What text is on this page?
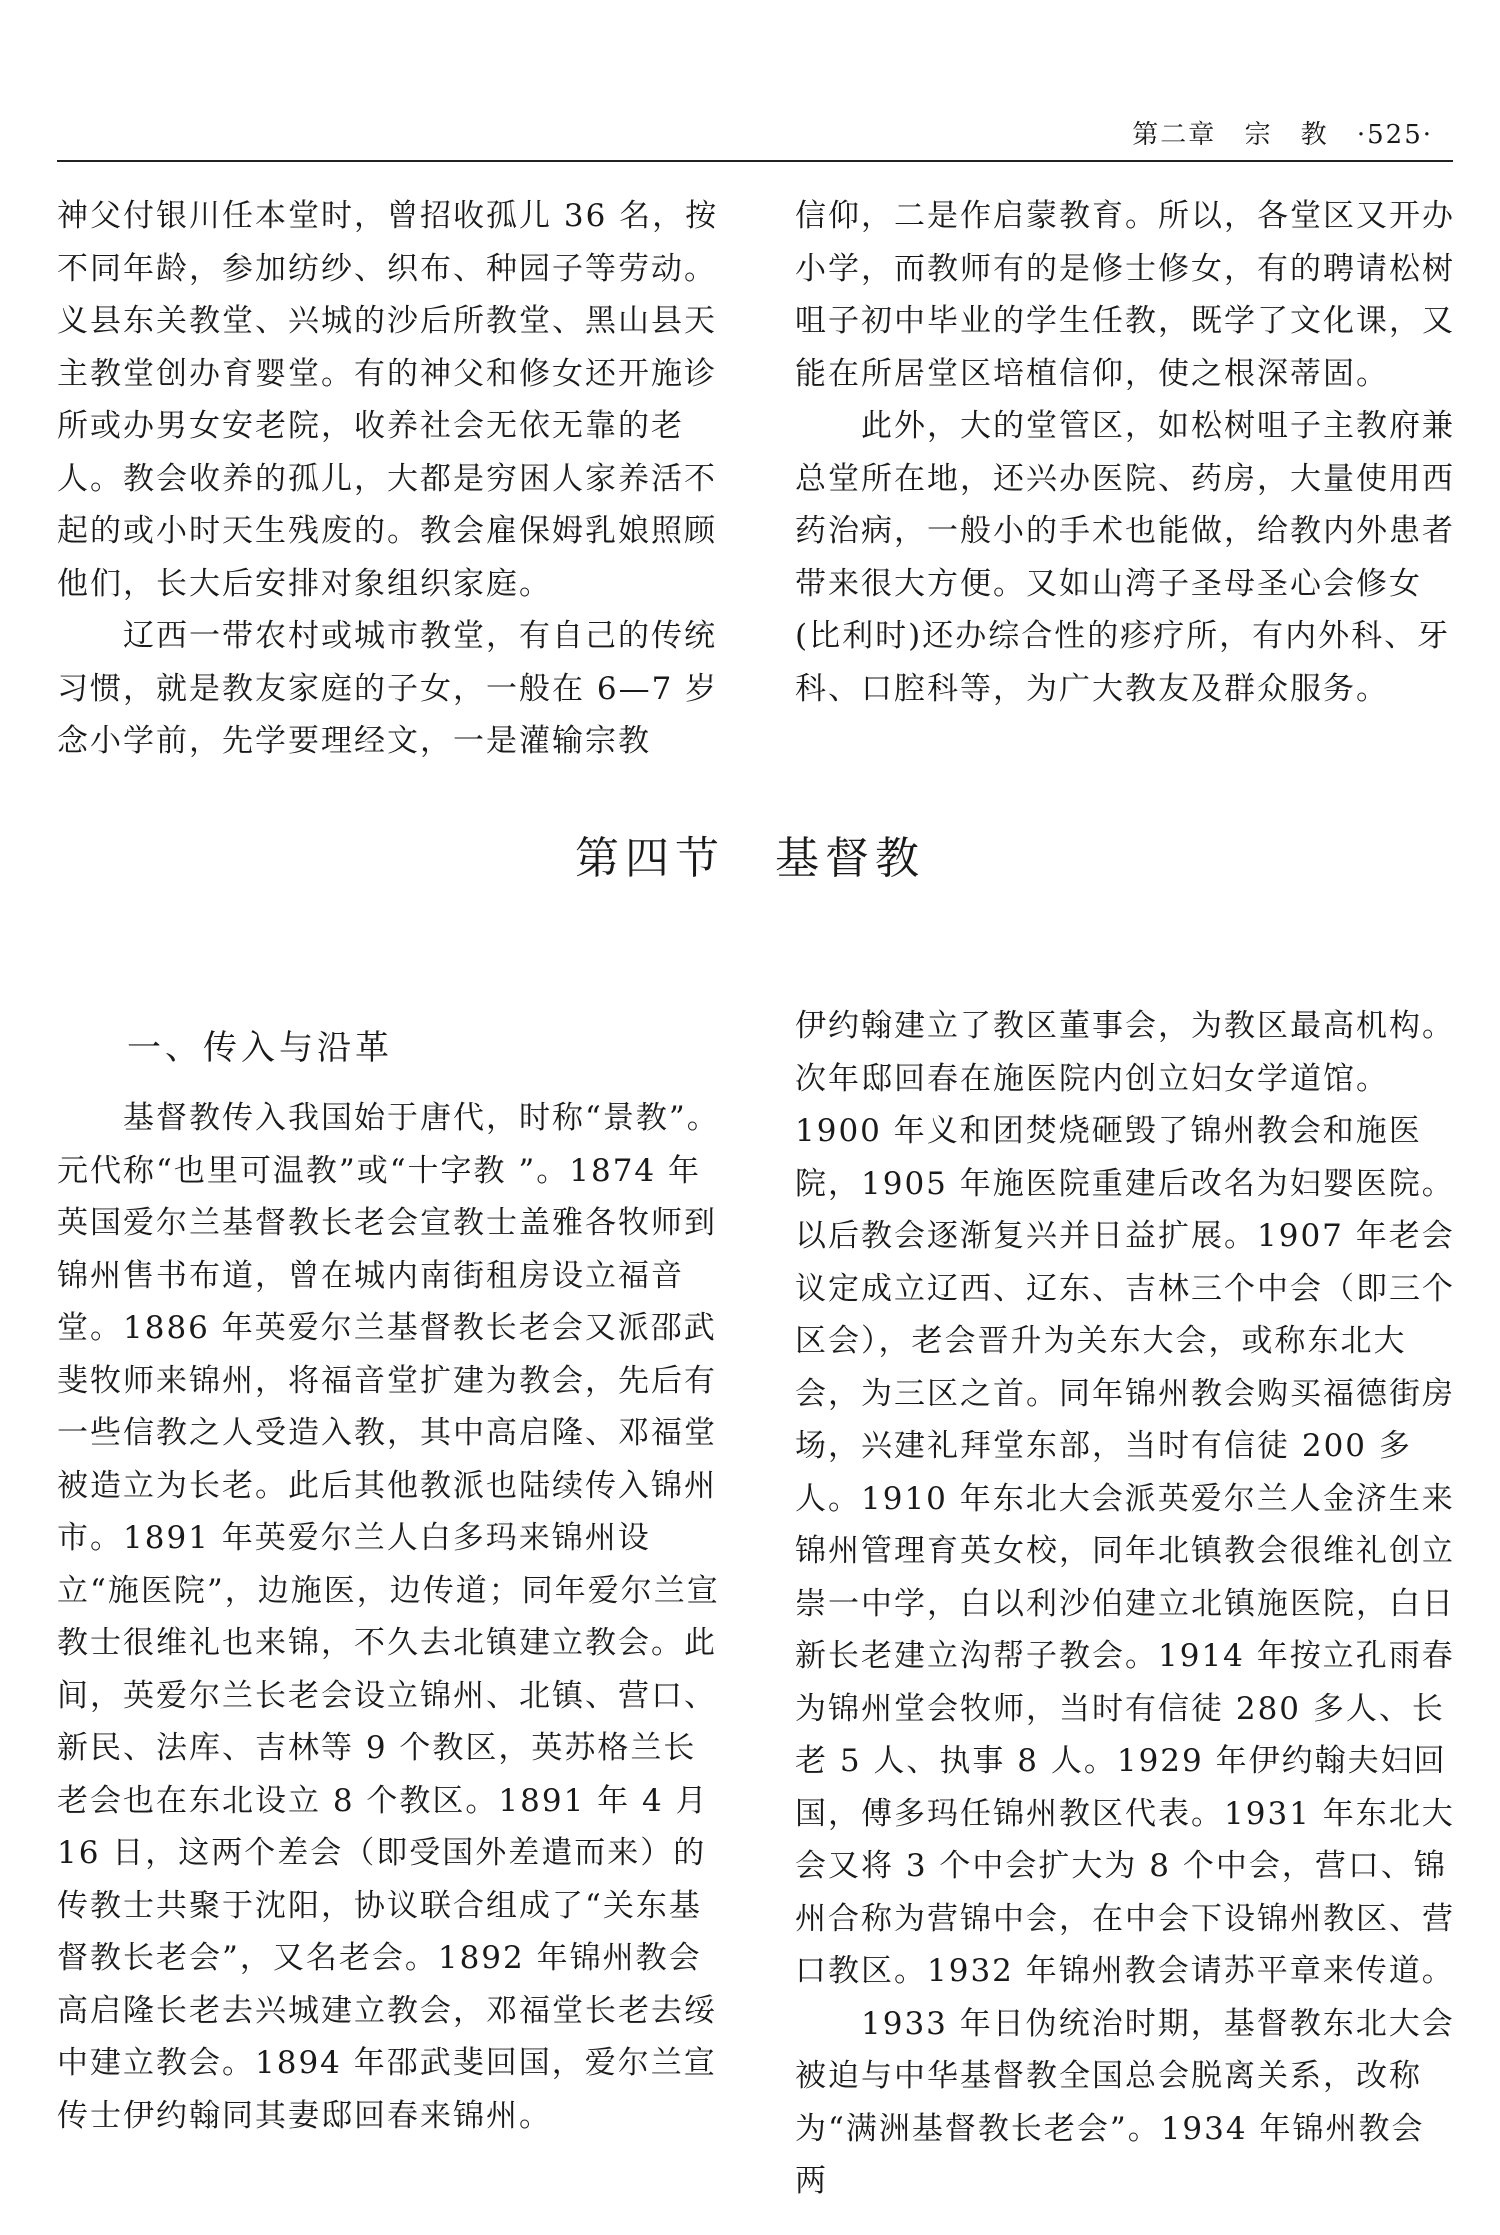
第二章 宗　教 ·525·

神父付银川任本堂时，曾招收孤儿 36 名，按不同年龄，参加纺纱、织布、种园子等劳动。义县东关教堂、兴城的沙后所教堂、黑山县天主教堂创办育婴堂。有的神父和修女还开施诊所或办男女安老院，收养社会无依无靠的老人。教会收养的孤儿，大都是穷困人家养活不起的或小时天生残废的。教会雇保姆乳娘照顾他们，长大后安排对象组织家庭。

辽西一带农村或城市教堂，有自己的传统习惯，就是教友家庭的子女，一般在 6—7 岁念小学前，先学要理经文，一是灌输宗教

信仰，二是作启蒙教育。所以，各堂区又开办小学，而教师有的是修士修女，有的聘请松树咀子初中毕业的学生任教，既学了文化课，又能在所居堂区培植信仰，使之根深蒂固。

此外，大的堂管区，如松树咀子主教府兼总堂所在地，还兴办医院、药房，大量使用西药治病，一般小的手术也能做，给教内外患者带来很大方便。又如山湾子圣母圣心会修女(比利时)还办综合性的疹疗所，有内外科、牙科、口腔科等，为广大教友及群众服务。

第四节　基督教

一、传入与沿革

基督教传入我国始于唐代，时称“景教”。元代称“也里可温教”或“十字教 ”。1874 年英国爱尔兰基督教长老会宣教士盖雅各牧师到锦州售书布道，曾在城内南街租房设立福音堂。1886 年英爱尔兰基督教长老会又派邵武斐牧师来锦州，将福音堂扩建为教会，先后有一些信教之人受造入教，其中高启隆、邓福堂被造立为长老。此后其他教派也陆续传入锦州市。1891 年英爱尔兰人白多玛来锦州设立“施医院”，边施医，边传道；同年爱尔兰宣教士很维礼也来锦，不久去北镇建立教会。此间，英爱尔兰长老会设立锦州、北镇、营口、新民、法库、吉林等 9 个教区，英苏格兰长老会也在东北设立 8 个教区。1891 年 4 月 16 日，这两个差会（即受国外差遣而来）的传教士共聚于沈阳，协议联合组成了“关东基督教长老会”，又名老会。1892 年锦州教会高启隆长老去兴城建立教会，邓福堂长老去绥中建立教会。1894 年邵武斐回国，爱尔兰宣传士伊约翰同其妻邸回春来锦州。

伊约翰建立了教区董事会，为教区最高机构。次年邸回春在施医院内创立妇女学道馆。1900 年义和团焚烧砸毁了锦州教会和施医院，1905 年施医院重建后改名为妇婴医院。以后教会逐渐复兴并日益扩展。1907 年老会议定成立辽西、辽东、吉林三个中会（即三个区会），老会晋升为关东大会，或称东北大会，为三区之首。同年锦州教会购买福德街房场，兴建礼拜堂东部，当时有信徒 200 多人。1910 年东北大会派英爱尔兰人金济生来锦州管理育英女校，同年北镇教会很维礼创立崇一中学，白以利沙伯建立北镇施医院，白日新长老建立沟帮子教会。1914 年按立孔雨春为锦州堂会牧师，当时有信徒 280 多人、长老 5 人、执事 8 人。1929 年伊约翰夫妇回国，傅多玛任锦州教区代表。1931 年东北大会又将 3 个中会扩大为 8 个中会，营口、锦州合称为营锦中会，在中会下设锦州教区、营口教区。1932 年锦州教会请苏平章来传道。

1933 年日伪统治时期，基督教东北大会被迫与中华基督教全国总会脱离关系，改称为“满洲基督教长老会”。1934 年锦州教会两
